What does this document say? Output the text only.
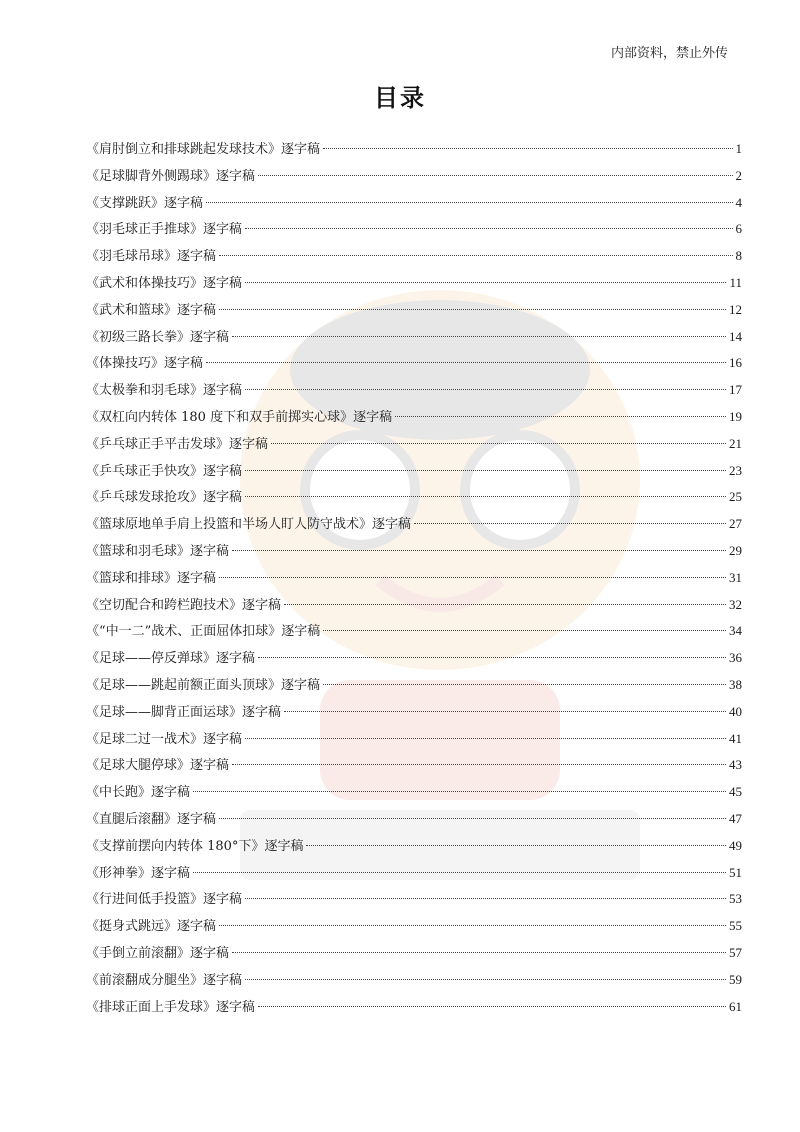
内部资料，禁止外传
目录
《肩肘倒立和排球跳起发球技术》逐字稿	1
《足球脚背外侧踢球》逐字稿	2
《支撑跳跃》逐字稿	4
《羽毛球正手推球》逐字稿	6
《羽毛球吊球》逐字稿	8
《武术和体操技巧》逐字稿	11
《武术和篮球》逐字稿	12
《初级三路长拳》逐字稿	14
《体操技巧》逐字稿	16
《太极拳和羽毛球》逐字稿	17
《双杠向内转体 180 度下和双手前掷实心球》逐字稿	19
《乒乓球正手平击发球》逐字稿	21
《乒乓球正手快攻》逐字稿	23
《乒乓球发球抢攻》逐字稿	25
《篮球原地单手肩上投篮和半场人盯人防守战术》逐字稿	27
《篮球和羽毛球》逐字稿	29
《篮球和排球》逐字稿	31
《空切配合和跨栏跑技术》逐字稿	32
《“中一二”战术、正面屈体扣球》逐字稿	34
《足球——停反弹球》逐字稿	36
《足球——跳起前额正面头顶球》逐字稿	38
《足球——脚背正面运球》逐字稿	40
《足球二过一战术》逐字稿	41
《足球大腿停球》逐字稿	43
《中长跑》逐字稿	45
《直腿后滚翻》逐字稿	47
《支撑前摆向内转体 180°下》逐字稿	49
《形神拳》逐字稿	51
《行进间低手投篮》逐字稿	53
《挺身式跳远》逐字稿	55
《手倒立前滚翻》逐字稿	57
《前滚翻成分腿坐》逐字稿	59
《排球正面上手发球》逐字稿	61
